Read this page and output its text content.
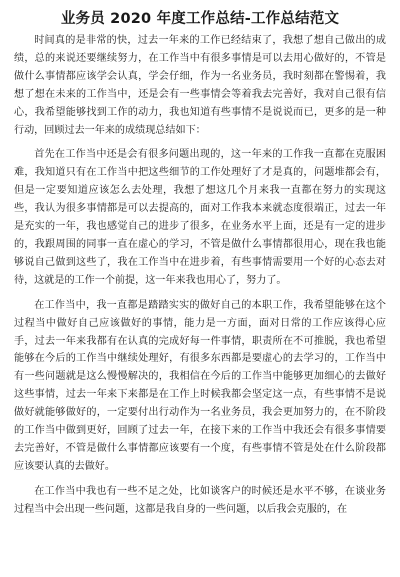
业务员 2020 年度工作总结-工作总结范文

时间真的是非常的快，过去一年来的工作已经结束了，我想了想自己做出的成绩，总的来说还要继续努力，在工作当中有很多事情是可以去用心做好的，不管是做什么事情都应该学会认真，学会仔细，作为一名业务员，我时刻都在警惕着，我想了想在未来的工作当中，还是会有一些事情会等着我去完善好，我对自己很有信心，我希望能够找到工作的动力，我也知道有些事情不是说说而已，更多的是一种行动，回顾过去一年来的成绩现总结如下：

首先在工作当中还是会有很多问题出现的，这一年来的工作我一直都在克服困难，我知道只有在工作当中把这些细节的工作处理好了才是真的，问题堆都会有，但是一定要知道应该怎么去处理，我想了想这几个月来我一直都在努力的实现这些，我认为很多事情都是可以去提高的，面对工作我本来就态度很端正，过去一年是充实的一年，我也感觉自己的进步了很多，在业务水平上面，还是有一定的进步的，我跟周围的同事一直在虚心的学习，不管是做什么事情都很用心，现在我也能够说自己做到这些了，我在工作当中在进步着，有些事情需要用一个好的心态去对待，这就是的工作一个前提，这一年来我也用心了，努力了。

在工作当中，我一直都是踏踏实实的做好自己的本职工作，我希望能够在这个过程当中做好自己应该做好的事情，能力是一方面，面对日常的工作应该得心应手，过去一年来我都有在认真的完成好每一件事情，职责所在不可推脱，我也希望能够在今后的工作当中继续处理好，有很多东西都是要虚心的去学习的，工作当中有一些问题就是这么慢慢解决的，我相信在今后的工作当中能够更加细心的去做好这些事情，过去一年来下来都是在工作上时候我都会坚定这一点，有些事情不是说做好就能够做好的，一定要付出行动作为一名业务员，我会更加努力的，在不阶段的工作当中做到更好，回顾了过去一年，在接下来的工作当中我还会有很多事情要去完善好，不管是做什么事情都应该要有一个度，有些事情不管是处在什么阶段都应该要认真的去做好。

在工作当中我也有一些不足之处，比如谈客户的时候还是水平不够，在谈业务过程当中会出现一些问题，这都是我自身的一些问题，以后我会克服的，在
